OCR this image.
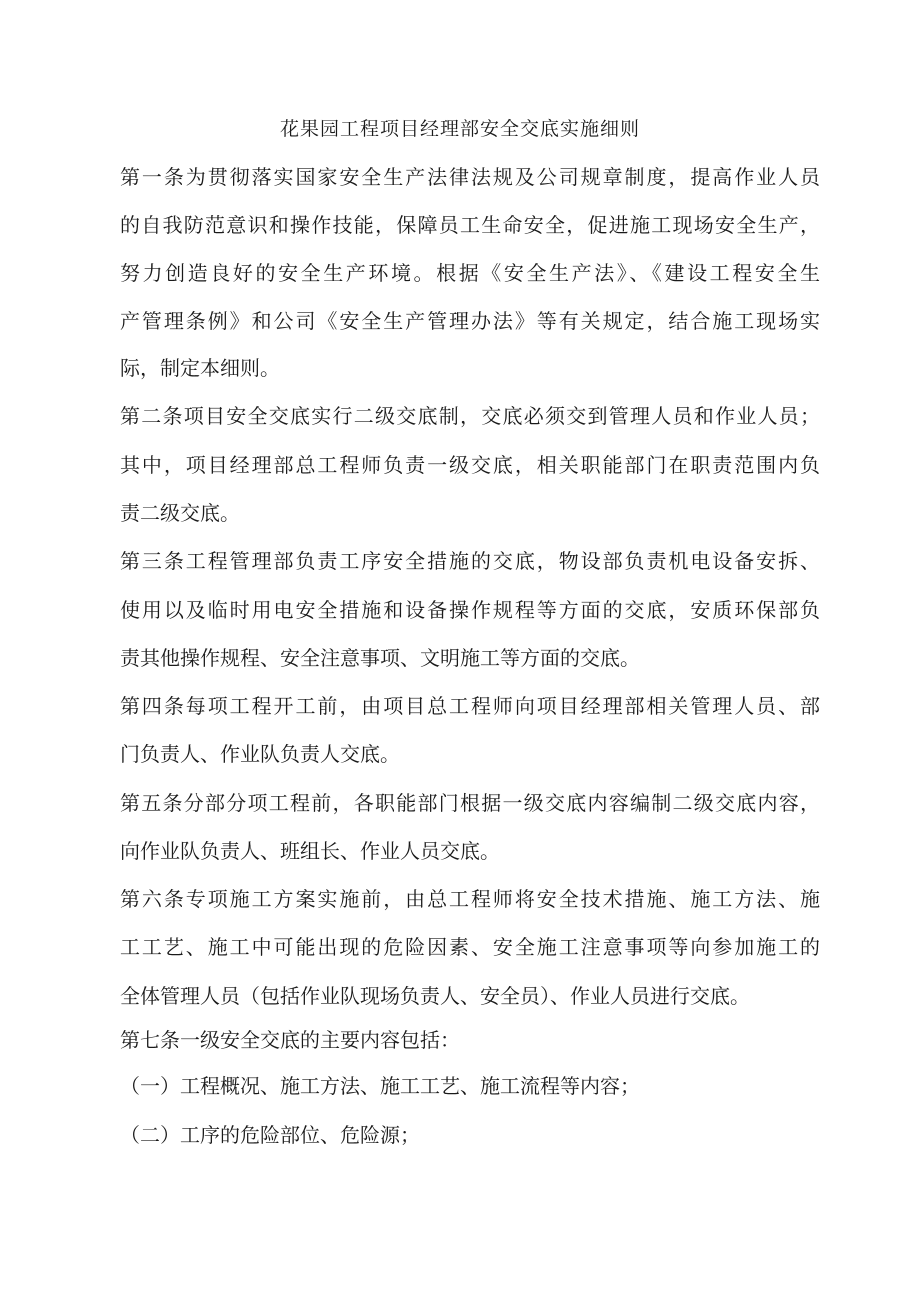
花果园工程项目经理部安全交底实施细则
第一条为贯彻落实国家安全生产法律法规及公司规章制度，提高作业人员
的自我防范意识和操作技能，保障员工生命安全，促进施工现场安全生产，
努力创造良好的安全生产环境。根据《安全生产法》、《建设工程安全生
产管理条例》和公司《安全生产管理办法》等有关规定，结合施工现场实
际，制定本细则。
第二条项目安全交底实行二级交底制，交底必须交到管理人员和作业人员；
其中，项目经理部总工程师负责一级交底，相关职能部门在职责范围内负
责二级交底。
第三条工程管理部负责工序安全措施的交底，物设部负责机电设备安拆、
使用以及临时用电安全措施和设备操作规程等方面的交底，安质环保部负
责其他操作规程、安全注意事项、文明施工等方面的交底。
第四条每项工程开工前，由项目总工程师向项目经理部相关管理人员、部
门负责人、作业队负责人交底。
第五条分部分项工程前，各职能部门根据一级交底内容编制二级交底内容，
向作业队负责人、班组长、作业人员交底。
第六条专项施工方案实施前，由总工程师将安全技术措施、施工方法、施
工工艺、施工中可能出现的危险因素、安全施工注意事项等向参加施工的
全体管理人员（包括作业队现场负责人、安全员）、作业人员进行交底。
第七条一级安全交底的主要内容包括：
（一）工程概况、施工方法、施工工艺、施工流程等内容；
（二）工序的危险部位、危险源；
